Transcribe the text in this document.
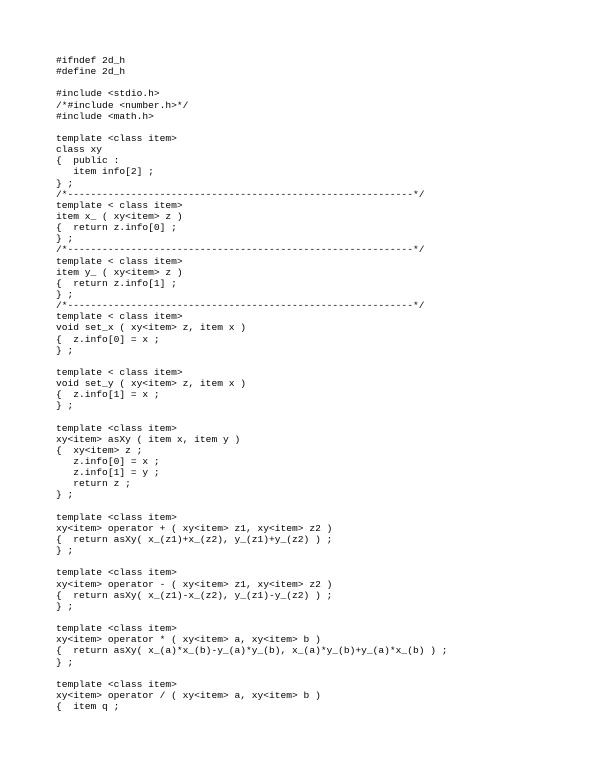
#ifndef 2d_h
#define 2d_h
#include <stdio.h>
/*#include <number.h>*/
#include <math.h>
template <class item>
class xy
{  public :
item info[2] ;
} ;
/*------------------------------------------------------------*/
template < class item>
item x_ ( xy<item> z )
{  return z.info[0] ;
} ;
/*------------------------------------------------------------*/
template < class item>
item y_ ( xy<item> z )
{  return z.info[1] ;
} ;
/*------------------------------------------------------------*/
template < class item>
void set_x ( xy<item> z, item x )
{  z.info[0] = x ;
} ;
template < class item>
void set_y ( xy<item> z, item x )
{  z.info[1] = x ;
} ;
template <class item>
xy<item> asXy ( item x, item y )
{  xy<item> z ;
z.info[0] = x ;
z.info[1] = y ;
return z ;
} ;
template <class item>
xy<item> operator + ( xy<item> z1, xy<item> z2 )
{  return asXy( x_(z1)+x_(z2), y_(z1)+y_(z2) ) ;
} ;
template <class item>
xy<item> operator - ( xy<item> z1, xy<item> z2 )
{  return asXy( x_(z1)-x_(z2), y_(z1)-y_(z2) ) ;
} ;
template <class item>
xy<item> operator * ( xy<item> a, xy<item> b )
{  return asXy( x_(a)*x_(b)-y_(a)*y_(b), x_(a)*y_(b)+y_(a)*x_(b) ) ;
} ;
template <class item>
xy<item> operator / ( xy<item> a, xy<item> b )
{  item q ;
